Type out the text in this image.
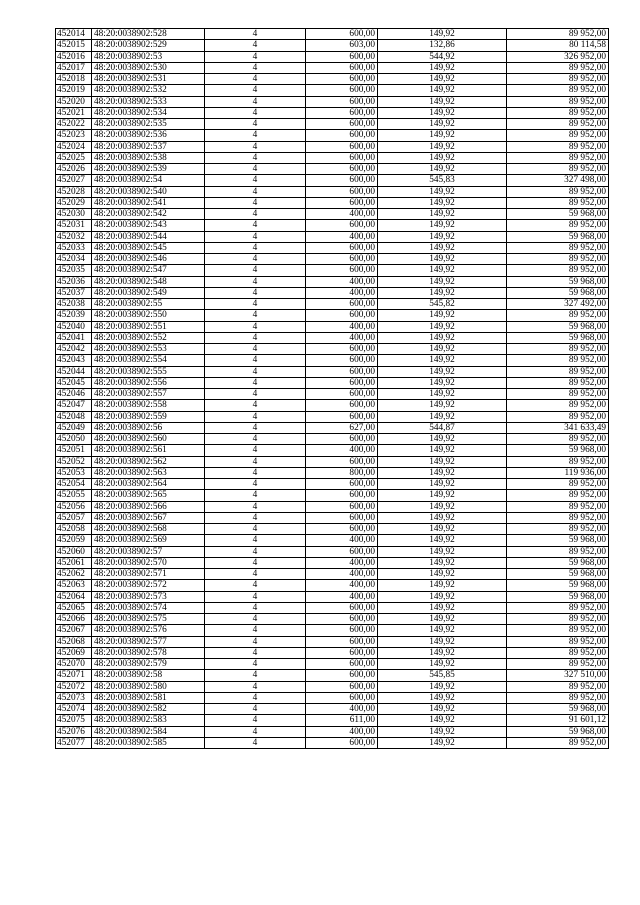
452014	48:20:0038902:528	4	600,00	149,92	89 952,00
452015	48:20:0038902:529	4	603,00	132,86	80 114,58
452016	48:20:0038902:53	4	600,00	544,92	326 952,00
452017	48:20:0038902:530	4	600,00	149,92	89 952,00
452018	48:20:0038902:531	4	600,00	149,92	89 952,00
452019	48:20:0038902:532	4	600,00	149,92	89 952,00
452020	48:20:0038902:533	4	600,00	149,92	89 952,00
452021	48:20:0038902:534	4	600,00	149,92	89 952,00
452022	48:20:0038902:535	4	600,00	149,92	89 952,00
452023	48:20:0038902:536	4	600,00	149,92	89 952,00
452024	48:20:0038902:537	4	600,00	149,92	89 952,00
452025	48:20:0038902:538	4	600,00	149,92	89 952,00
452026	48:20:0038902:539	4	600,00	149,92	89 952,00
452027	48:20:0038902:54	4	600,00	545,83	327 498,00
452028	48:20:0038902:540	4	600,00	149,92	89 952,00
452029	48:20:0038902:541	4	600,00	149,92	89 952,00
452030	48:20:0038902:542	4	400,00	149,92	59 968,00
452031	48:20:0038902:543	4	600,00	149,92	89 952,00
452032	48:20:0038902:544	4	400,00	149,92	59 968,00
452033	48:20:0038902:545	4	600,00	149,92	89 952,00
452034	48:20:0038902:546	4	600,00	149,92	89 952,00
452035	48:20:0038902:547	4	600,00	149,92	89 952,00
452036	48:20:0038902:548	4	400,00	149,92	59 968,00
452037	48:20:0038902:549	4	400,00	149,92	59 968,00
452038	48:20:0038902:55	4	600,00	545,82	327 492,00
452039	48:20:0038902:550	4	600,00	149,92	89 952,00
452040	48:20:0038902:551	4	400,00	149,92	59 968,00
452041	48:20:0038902:552	4	400,00	149,92	59 968,00
452042	48:20:0038902:553	4	600,00	149,92	89 952,00
452043	48:20:0038902:554	4	600,00	149,92	89 952,00
452044	48:20:0038902:555	4	600,00	149,92	89 952,00
452045	48:20:0038902:556	4	600,00	149,92	89 952,00
452046	48:20:0038902:557	4	600,00	149,92	89 952,00
452047	48:20:0038902:558	4	600,00	149,92	89 952,00
452048	48:20:0038902:559	4	600,00	149,92	89 952,00
452049	48:20:0038902:56	4	627,00	544,87	341 633,49
452050	48:20:0038902:560	4	600,00	149,92	89 952,00
452051	48:20:0038902:561	4	400,00	149,92	59 968,00
452052	48:20:0038902:562	4	600,00	149,92	89 952,00
452053	48:20:0038902:563	4	800,00	149,92	119 936,00
452054	48:20:0038902:564	4	600,00	149,92	89 952,00
452055	48:20:0038902:565	4	600,00	149,92	89 952,00
452056	48:20:0038902:566	4	600,00	149,92	89 952,00
452057	48:20:0038902:567	4	600,00	149,92	89 952,00
452058	48:20:0038902:568	4	600,00	149,92	89 952,00
452059	48:20:0038902:569	4	400,00	149,92	59 968,00
452060	48:20:0038902:57	4	600,00	149,92	89 952,00
452061	48:20:0038902:570	4	400,00	149,92	59 968,00
452062	48:20:0038902:571	4	400,00	149,92	59 968,00
452063	48:20:0038902:572	4	400,00	149,92	59 968,00
452064	48:20:0038902:573	4	400,00	149,92	59 968,00
452065	48:20:0038902:574	4	600,00	149,92	89 952,00
452066	48:20:0038902:575	4	600,00	149,92	89 952,00
452067	48:20:0038902:576	4	600,00	149,92	89 952,00
452068	48:20:0038902:577	4	600,00	149,92	89 952,00
452069	48:20:0038902:578	4	600,00	149,92	89 952,00
452070	48:20:0038902:579	4	600,00	149,92	89 952,00
452071	48:20:0038902:58	4	600,00	545,85	327 510,00
452072	48:20:0038902:580	4	600,00	149,92	89 952,00
452073	48:20:0038902:581	4	600,00	149,92	89 952,00
452074	48:20:0038902:582	4	400,00	149,92	59 968,00
452075	48:20:0038902:583	4	611,00	149,92	91 601,12
452076	48:20:0038902:584	4	400,00	149,92	59 968,00
452077	48:20:0038902:585	4	600,00	149,92	89 952,00
